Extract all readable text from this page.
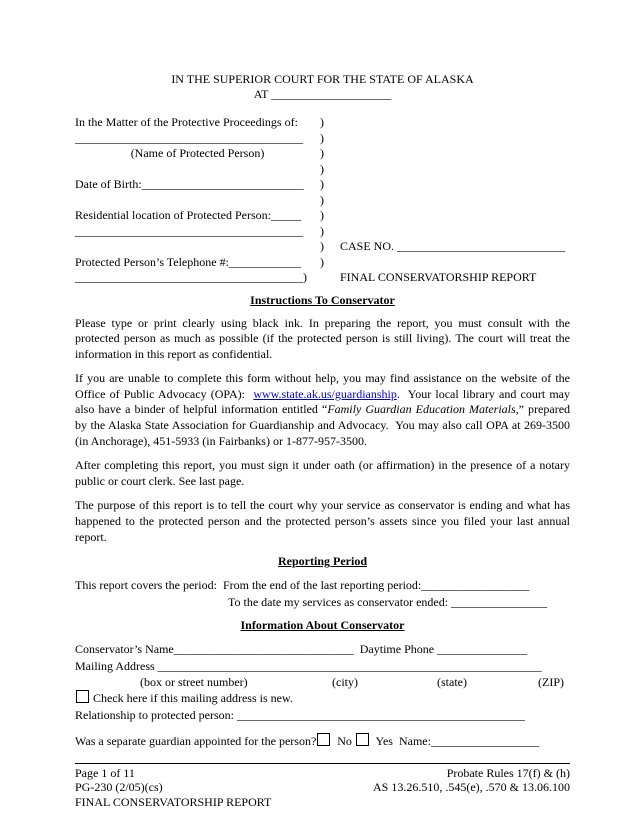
IN THE SUPERIOR COURT FOR THE STATE OF ALASKA
AT ____________________
In the Matter of the Protective Proceedings of:	)
______________________________________	)
(Name of Protected Person)	)
)
Date of Birth:___________________________	)
)
Residential location of Protected Person:_____	)
______________________________________	)
)	CASE NO. ____________________________
Protected Person’s Telephone #:____________	)
______________________________________)	FINAL CONSERVATORSHIP REPORT
Instructions To Conservator

Please type or print clearly using black ink. In preparing the report, you must consult with the protected person as much as possible (if the protected person is still living). The court will treat the information in this report as confidential.

If you are unable to complete this form without help, you may find assistance on the website of the Office of Public Advocacy (OPA):  www.state.ak.us/guardianship.  Your local library and court may also have a binder of helpful information entitled “Family Guardian Education Materials,” prepared by the Alaska State Association for Guardianship and Advocacy.  You may also call OPA at 269-3500 (in Anchorage), 451-5933 (in Fairbanks) or 1-877-957-3500.

After completing this report, you must sign it under oath (or affirmation) in the presence of a notary public or court clerk. See last page.

The purpose of this report is to tell the court why your service as conservator is ending and what has happened to the protected person and the protected person’s assets since you filed your last annual report.

Reporting Period
This report covers the period:  From the end of the last reporting period:__________________
To the date my services as conservator ended: ________________
Information About Conservator
Conservator’s Name______________________________  Daytime Phone _______________
Mailing Address ________________________________________________________________
(box or street number)	(city)	(state)	(ZIP)
Check here if this mailing address is new.
Relationship to protected person: ________________________________________________
Was a separate guardian appointed for the person? No  Yes  Name:__________________
Page 1 of 11
PG-230 (2/05)(cs)
FINAL CONSERVATORSHIP REPORT
Probate Rules 17(f) & (h)
AS 13.26.510, .545(e), .570 & 13.06.100
